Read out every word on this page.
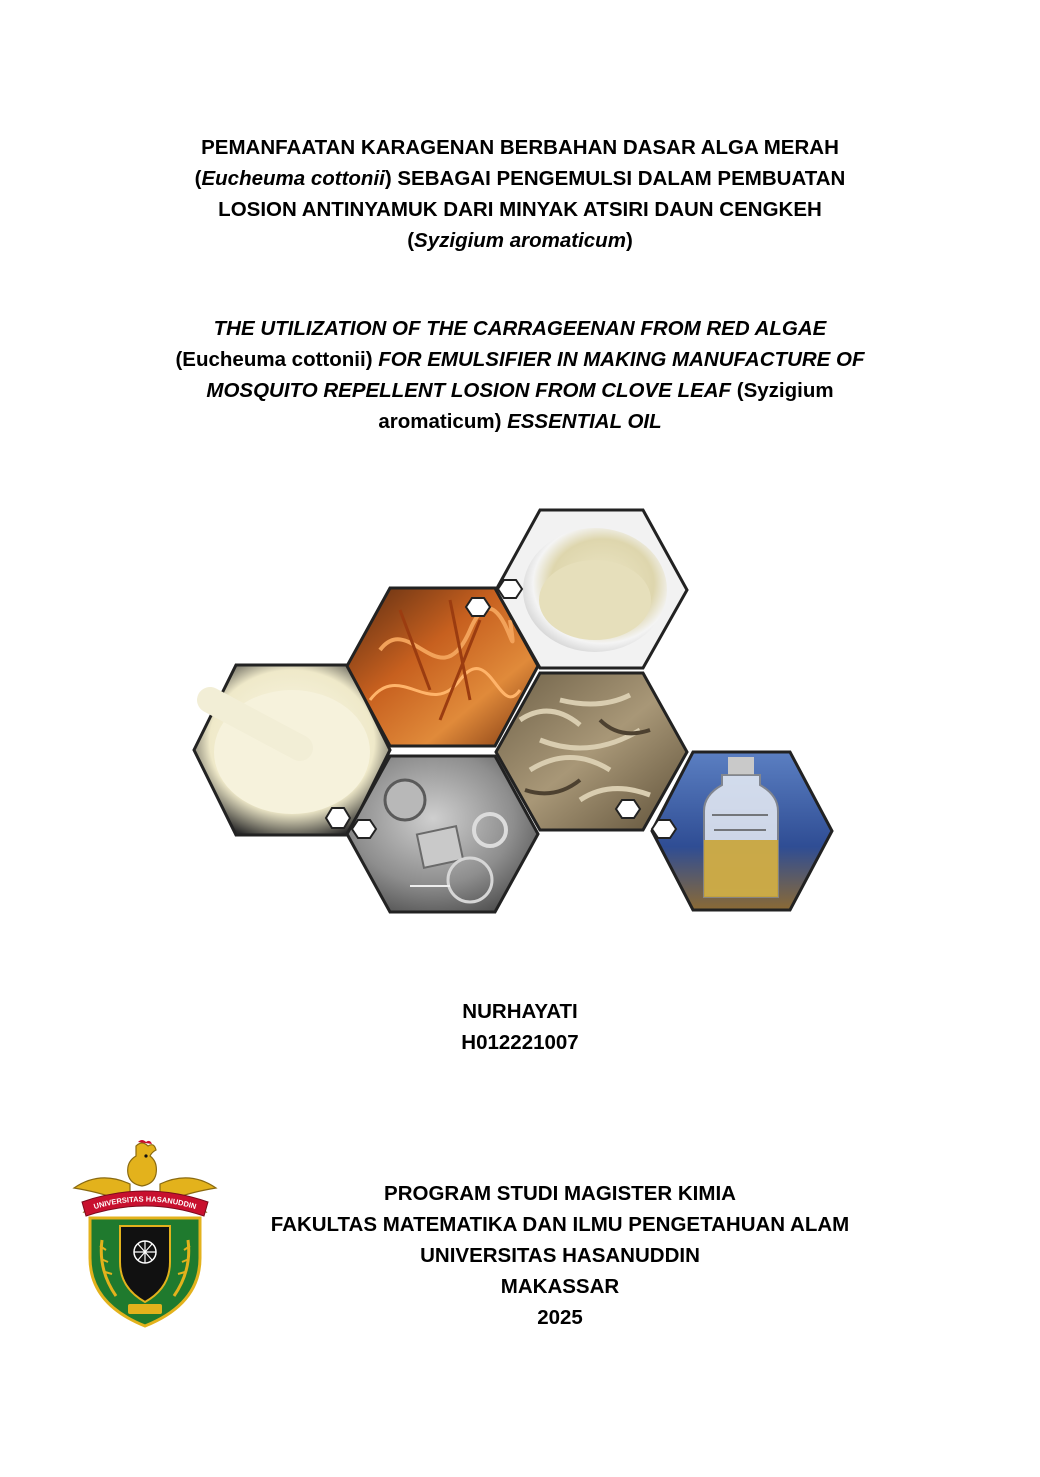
PEMANFAATAN KARAGENAN BERBAHAN DASAR ALGA MERAH
(Eucheuma cottonii) SEBAGAI PENGEMULSI DALAM PEMBUATAN
LOSION ANTINYAMUK DARI MINYAK ATSIRI DAUN CENGKEH
(Syzigium aromaticum)
THE UTILIZATION OF THE CARRAGEENAN FROM RED ALGAE
(Eucheuma cottonii) FOR EMULSIFIER IN MAKING MANUFACTURE OF
MOSQUITO REPELLENT LOSION FROM CLOVE LEAF (Syzigium
aromaticum) ESSENTIAL OIL
NURHAYATI
H012221007
UNIVERSITAS HASANUDDIN
PROGRAM STUDI MAGISTER KIMIA
FAKULTAS MATEMATIKA DAN ILMU PENGETAHUAN ALAM
UNIVERSITAS HASANUDDIN
MAKASSAR
2025
